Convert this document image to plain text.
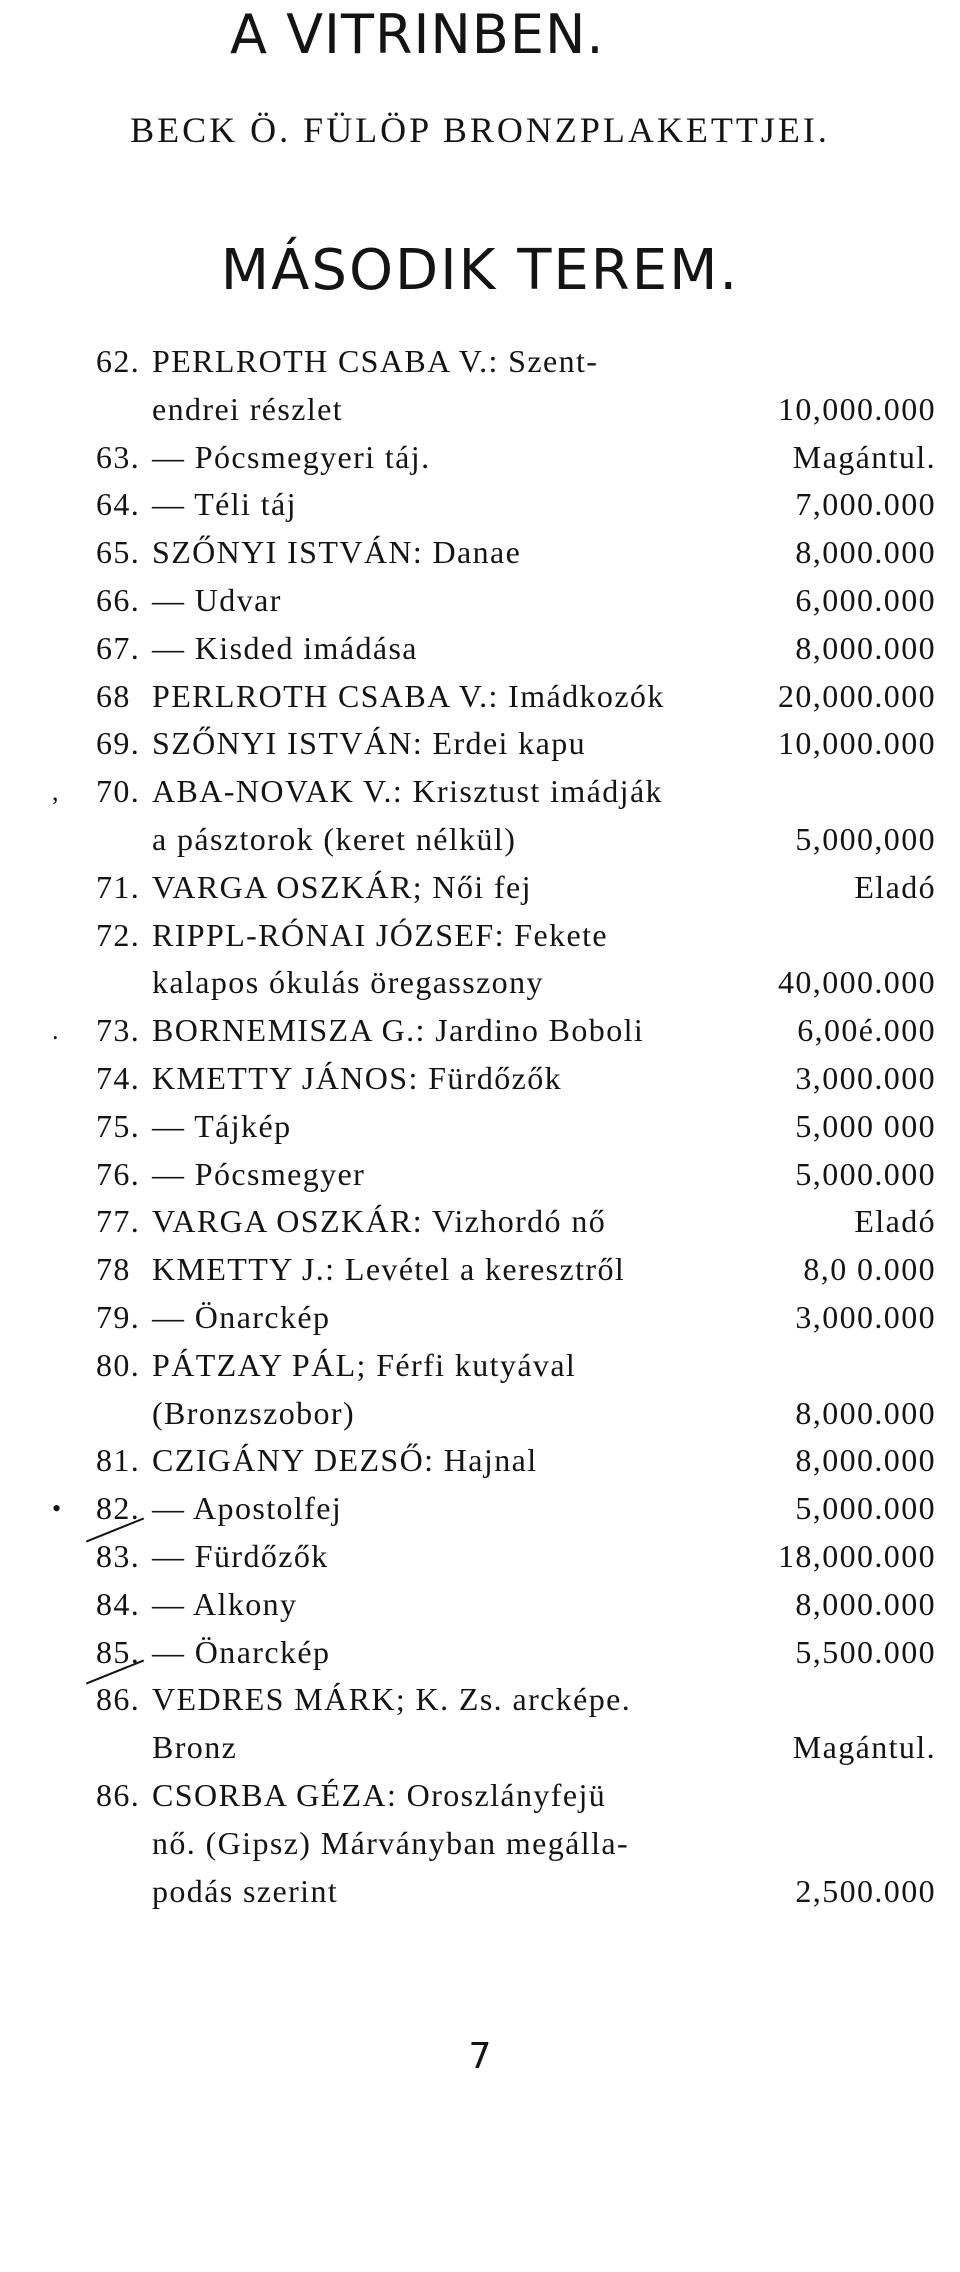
A VITRINBEN.
BECK Ö. FÜLÖP BRONZPLAKETTJEI.
MÁSODIK TEREM.
62. PERLROTH CSABA V.: Szent-
endrei részlet	10,000.000
63. — Pócsmegyeri táj.	Magántul.
64. — Téli táj	7,000.000
65. SZŐNYI ISTVÁN: Danae	8,000.000
66. — Udvar	6,000.000
67. — Kisded imádása	8,000.000
68 PERLROTH CSABA V.: Imádkozók	20,000.000
69. SZŐNYI ISTVÁN: Erdei kapu	10,000.000
, 70. ABA-NOVAK V.: Krisztust imádják
a pásztorok (keret nélkül)	5,000,000
71. VARGA OSZKÁR; Női fej	Eladó
72. RIPPL-RÓNAI JÓZSEF: Fekete
kalapos ókulás öregasszony	40,000.000
. 73. BORNEMISZA G.: Jardino Boboli	6,00é.000
74. KMETTY JÁNOS: Fürdőzők	3,000.000
75. — Tájkép	5,000 000
76. — Pócsmegyer	5,000.000
77. VARGA OSZKÁR: Vizhordó nő	Eladó
78 KMETTY J.: Levétel a keresztről	8,0 0.000
79. — Önarckép	3,000.000
80. PÁTZAY PÁL; Férfi kutyával
(Bronzszobor)	8,000.000
81. CZIGÁNY DEZSŐ: Hajnal	8,000.000
• 82. — Apostolfej	5,000.000
83. — Fürdőzők	18,000.000
84. — Alkony	8,000.000
85. — Önarckép	5,500.000
86. VEDRES MÁRK; K. Zs. arcképe.
Bronz	Magántul.
86. CSORBA GÉZA: Oroszlányfejü
nő. (Gipsz) Márványban megálla-
podás szerint	2,500.000
7
